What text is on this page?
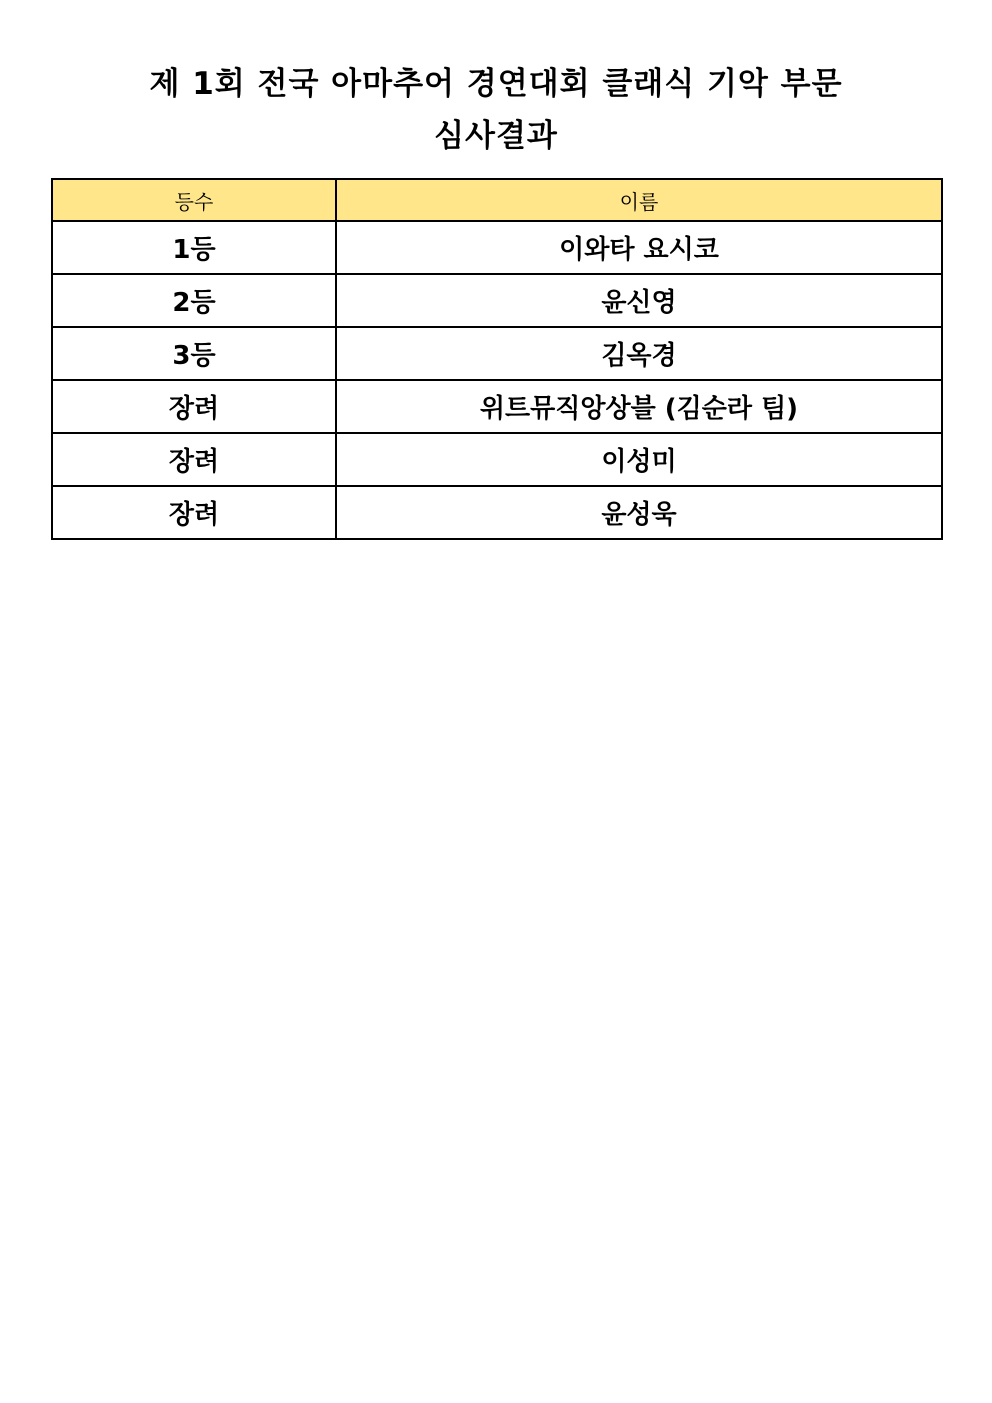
제 1회 전국 아마추어 경연대회 클래식 기악 부문
심사결과
등수	이름
1등	이와타 요시코
2등	윤신영
3등	김옥경
장려	위트뮤직앙상블 (김순라 팀)
장려	이성미
장려	윤성욱
